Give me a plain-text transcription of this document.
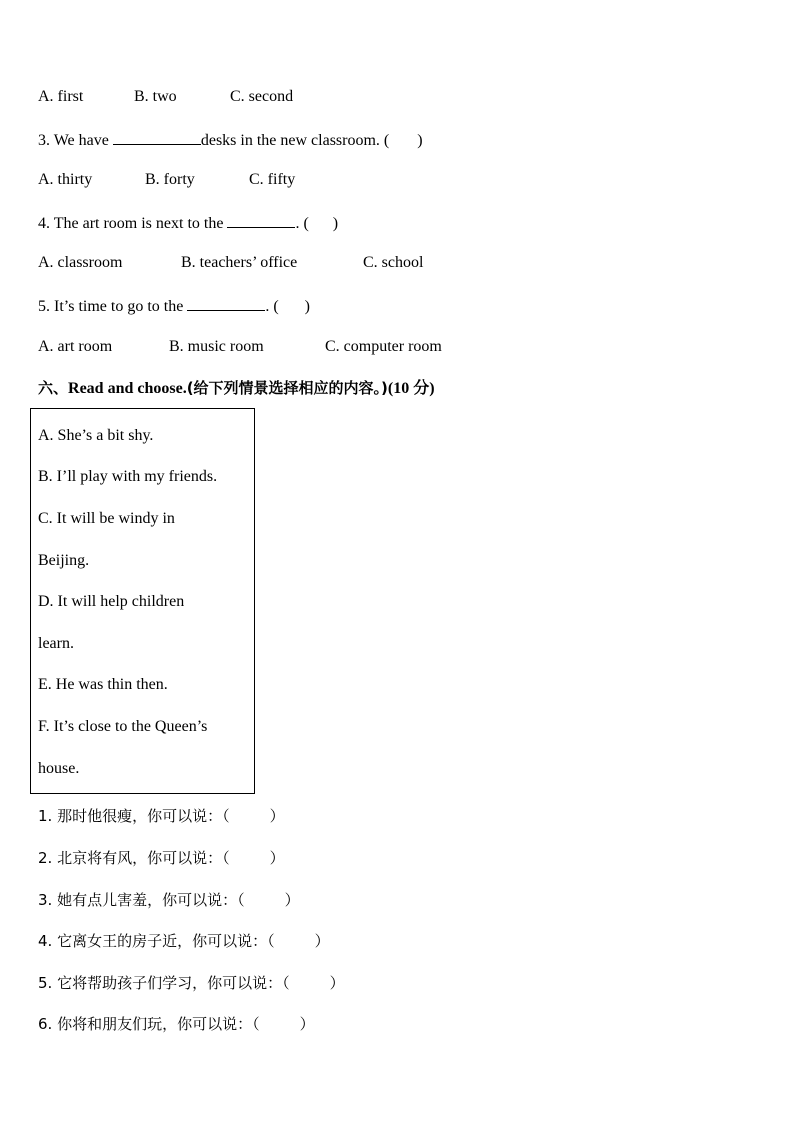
A. first	B. two	C. second
3. We have	desks in the new classroom. ( )
A. thirty	B. forty	C. fifty
4. The art room is next to the	. ( )
A. classroom	B. teachers’ office	C. school
5. It’s time to go to the	. ( )
A. art room	B. music room	C. computer room
六、Read and choose.(给下列情景选择相应的内容。)(10 分)
A. She’s a bit shy.
B. I’ll play with my friends.
C. It will be windy in
Beijing.
D. It will help children
learn.
E. He was thin then.
F. It’s close to the Queen’s
house.
1. 那时他很瘦，你可以说：（	）
2. 北京将有风，你可以说：（	）
3. 她有点儿害羞，你可以说：（	）
4. 它离女王的房子近，你可以说：（	）
5. 它将帮助孩子们学习，你可以说：（	）
6. 你将和朋友们玩，你可以说：（	）
